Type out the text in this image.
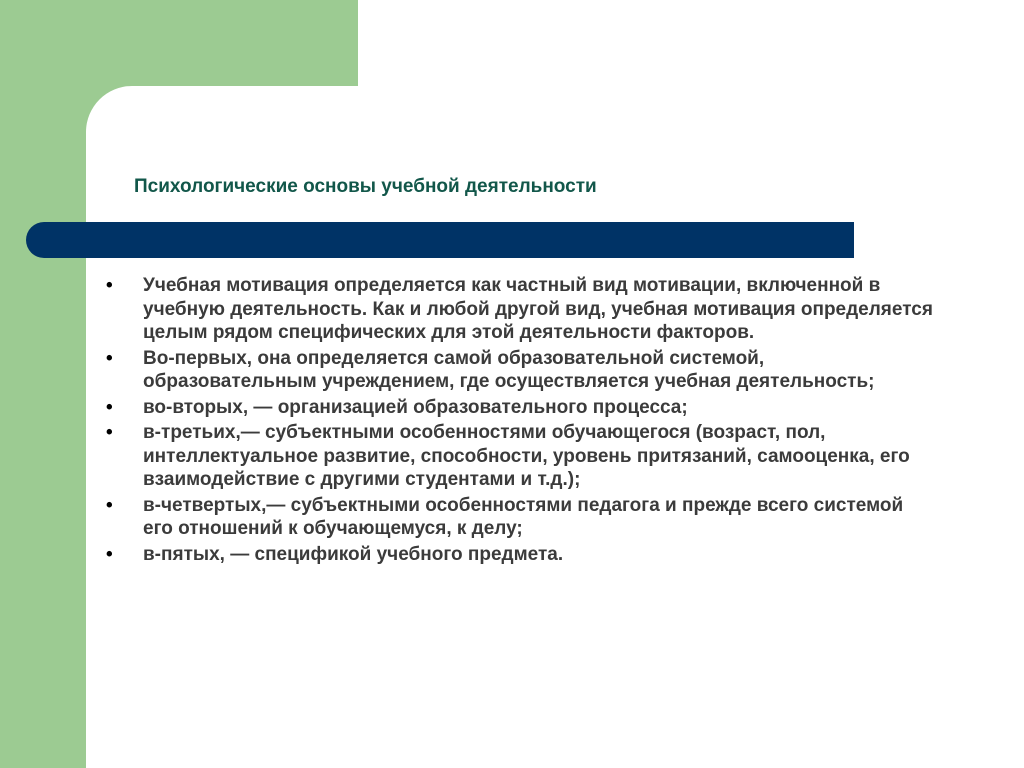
Психологические основы учебной деятельности
• Учебная мотивация определяется как частный вид мотивации, включенной в учебную деятельность. Как и любой другой вид, учебная мотивация определяется целым рядом специфических для этой деятельности факторов.
• Во-первых, она определяется самой образовательной системой, образовательным учреждением, где осуществляется учебная деятельность;
• во-вторых, — организацией образовательного процесса;
• в-третьих,— субъектными особенностями обучающегося (возраст, пол, интеллектуальное развитие, способности, уровень притязаний, самооценка, его взаимодействие с другими студентами и т.д.);
• в-четвертых,— субъектными особенностями педагога и прежде всего системой его отношений к обучающемуся, к делу;
• в-пятых, — спецификой учебного предмета.
